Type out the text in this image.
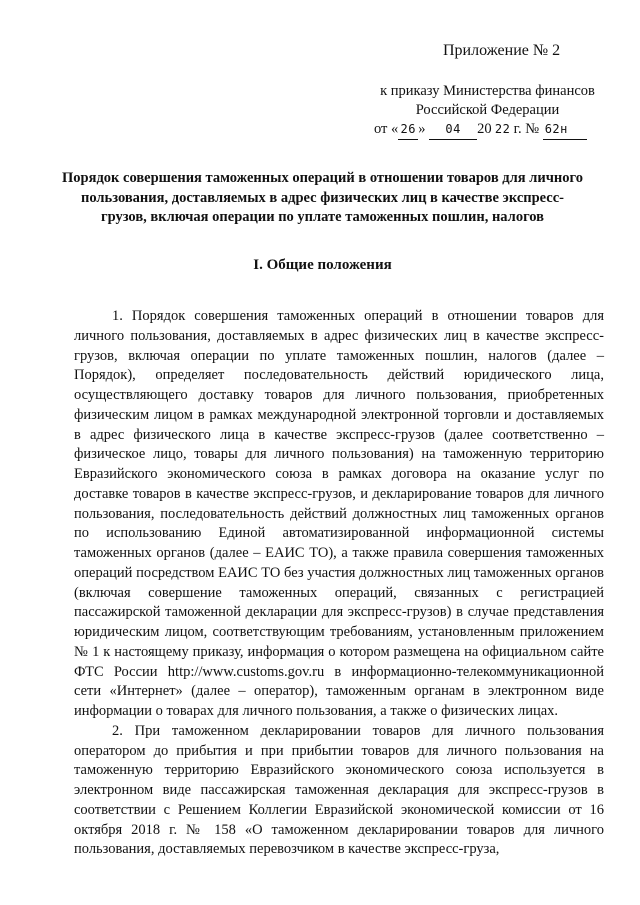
Приложение № 2
к приказу Министерства финансов
Российской Федерации
от « 26 » 04 20 22 г. № 62н
Порядок совершения таможенных операций в отношении товаров для личного пользования, доставляемых в адрес физических лиц в качестве экспресс-грузов, включая операции по уплате таможенных пошлин, налогов
I. Общие положения

1. Порядок совершения таможенных операций в отношении товаров для личного пользования, доставляемых в адрес физических лиц в качестве экспресс-грузов, включая операции по уплате таможенных пошлин, налогов (далее – Порядок), определяет последовательность действий юридического лица, осуществляющего доставку товаров для личного пользования, приобретенных физическим лицом в рамках международной электронной торговли и доставляемых в адрес физического лица в качестве экспресс-грузов (далее соответственно – физическое лицо, товары для личного пользования) на таможенную территорию Евразийского экономического союза в рамках договора на оказание услуг по доставке товаров в качестве экспресс-грузов, и декларирование товаров для личного пользования, последовательность действий должностных лиц таможенных органов по использованию Единой автоматизированной информационной системы таможенных органов (далее – ЕАИС ТО), а также правила совершения таможенных операций посредством ЕАИС ТО без участия должностных лиц таможенных органов (включая совершение таможенных операций, связанных с регистрацией пассажирской таможенной декларации для экспресс-грузов) в случае представления юридическим лицом, соответствующим требованиям, установленным приложением № 1 к настоящему приказу, информация о котором размещена на официальном сайте ФТС России http://www.customs.gov.ru в информационно-телекоммуникационной сети «Интернет» (далее – оператор), таможенным органам в электронном виде информации о товарах для личного пользования, а также о физических лицах.

2. При таможенном декларировании товаров для личного пользования оператором до прибытия и при прибытии товаров для личного пользования на таможенную территорию Евразийского экономического союза используется в электронном виде пассажирская таможенная декларация для экспресс-грузов в соответствии с Решением Коллегии Евразийской экономической комиссии от 16 октября 2018 г. № 158 «О таможенном декларировании товаров для личного пользования, доставляемых перевозчиком в качестве экспресс-груза,
